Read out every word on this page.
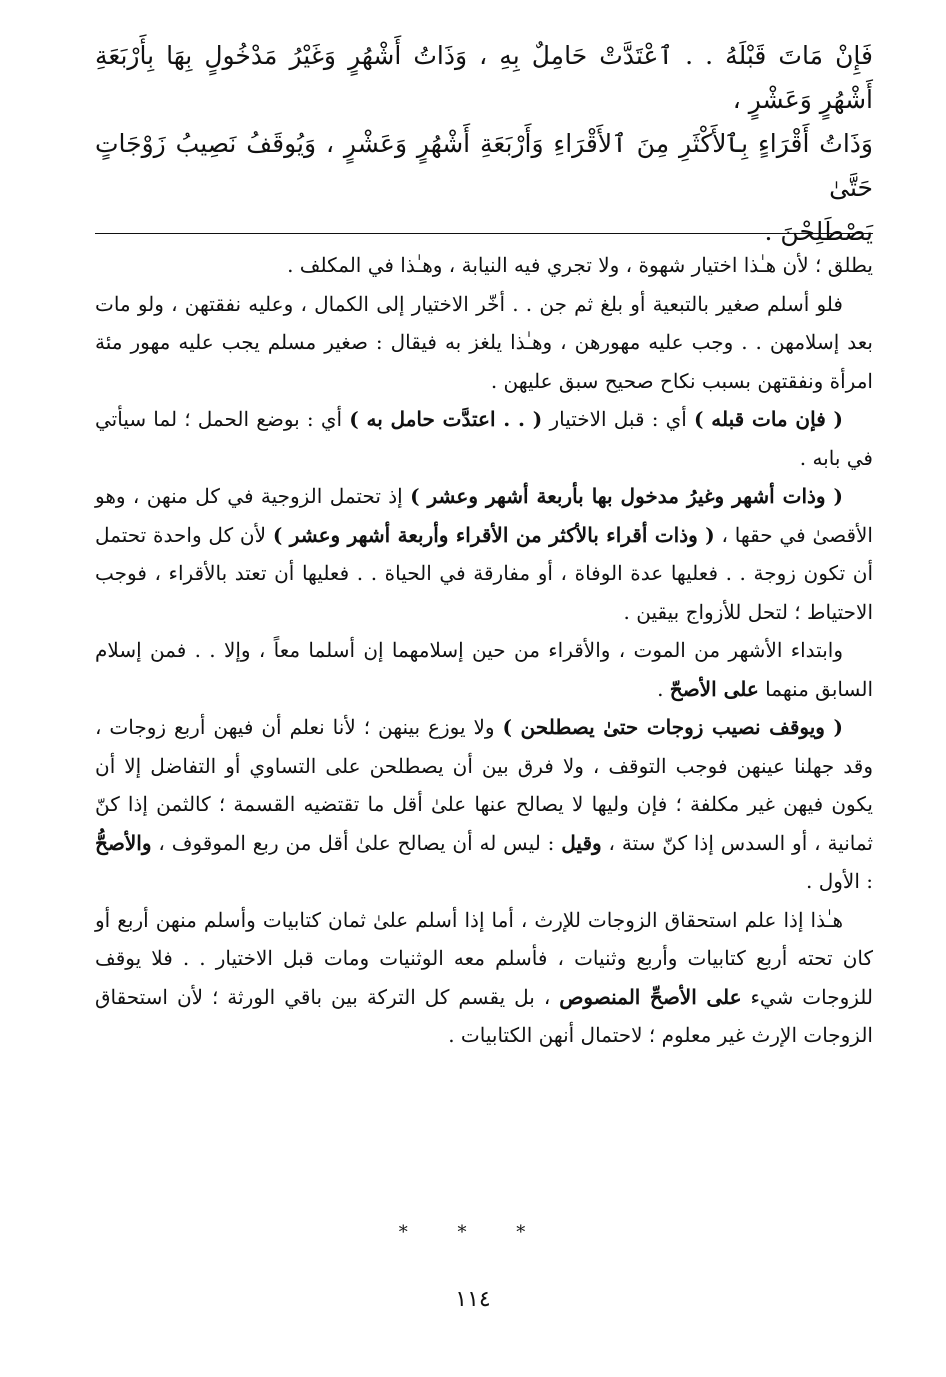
فَإِنْ مَاتَ قَبْلَهُ . . ٱعْتَدَّتْ حَامِلٌ بِهِ ، وَذَاتُ أَشْهُرٍ وَغَيْرُ مَدْخُولٍ بِهَا بِأَرْبَعَةِ أَشْهُرٍ وَعَشْرٍ ،

وَذَاتُ أَقْرَاءٍ بِٱلأَكْثَرِ مِنَ ٱلأَقْرَاءِ وَأَرْبَعَةِ أَشْهُرٍ وَعَشْرٍ ، وَيُوقَفُ نَصِيبُ زَوْجَاتٍ حَتَّىٰ

يَصْطَلِحْنَ .

يطلق ؛ لأن هـٰذا اختيار شهوة ، ولا تجري فيه النيابة ، وهـٰذا في المكلف .

فلو أسلم صغير بالتبعية أو بلغ ثم جن . . أخّر الاختيار إلى الكمال ، وعليه نفقتهن ، ولو مات بعد إسلامهن . . وجب عليه مهورهن ، وهـٰذا يلغز به فيقال : صغير مسلم يجب عليه مهور مئة امرأة ونفقتهن بسبب نكاح صحيح سبق عليهن .

( فإن مات قبله ) أي : قبل الاختيار ( . . اعتدَّت حامل به ) أي : بوضع الحمل ؛ لما سيأتي في بابه .

( وذات أشهر وغيرُ مدخول بها بأربعة أشهر وعشر ) إذ تحتمل الزوجية في كل منهن ، وهو الأقصىٰ في حقها ، ( وذات أقراء بالأكثر من الأقراء وأربعة أشهر وعشر ) لأن كل واحدة تحتمل أن تكون زوجة . . فعليها عدة الوفاة ، أو مفارقة في الحياة . . فعليها أن تعتد بالأقراء ، فوجب الاحتياط ؛ لتحل للأزواج بيقين .

وابتداء الأشهر من الموت ، والأقراء من حين إسلامهما إن أسلما معاً ، وإلا . . فمن إسلام السابق منهما على الأصحّ .

( ويوقف نصيب زوجات حتىٰ يصطلحن ) ولا يوزع بينهن ؛ لأنا نعلم أن فيهن أربع زوجات ، وقد جهلنا عينهن فوجب التوقف ، ولا فرق بين أن يصطلحن على التساوي أو التفاضل إلا أن يكون فيهن غير مكلفة ؛ فإن وليها لا يصالح عنها علىٰ أقل ما تقتضيه القسمة ؛ كالثمن إذا كنّ ثمانية ، أو السدس إذا كنّ ستة ، وقيل : ليس له أن يصالح علىٰ أقل من ربع الموقوف ، والأصحُّ : الأول .

هـٰذا إذا علم استحقاق الزوجات للإرث ، أما إذا أسلم علىٰ ثمان كتابيات وأسلم منهن أربع أو كان تحته أربع كتابيات وأربع وثنيات ، فأسلم معه الوثنيات ومات قبل الاختيار . . فلا يوقف للزوجات شيء على الأصحِّ المنصوص ، بل يقسم كل التركة بين باقي الورثة ؛ لأن استحقاق الزوجات الإرث غير معلوم ؛ لاحتمال أنهن الكتابيات .

* * *
١١٤
